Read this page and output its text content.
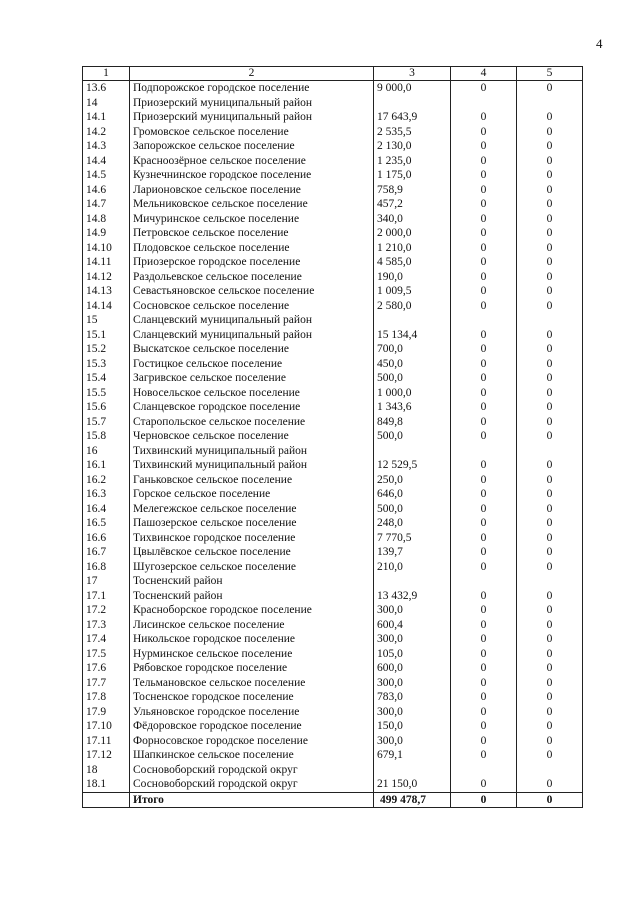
4
1	2	3	4	5
13.6	Подпорожское городское поселение	9 000,0	0	0
14	Приозерский муниципальный район			
14.1	Приозерский муниципальный район	17 643,9	0	0
14.2	Громовское сельское поселение	2 535,5	0	0
14.3	Запорожское сельское поселение	2 130,0	0	0
14.4	Красноозёрное сельское поселение	1 235,0	0	0
14.5	Кузнечнинское городское поселение	1 175,0	0	0
14.6	Ларионовское сельское поселение	758,9	0	0
14.7	Мельниковское сельское поселение	457,2	0	0
14.8	Мичуринское сельское поселение	340,0	0	0
14.9	Петровское сельское поселение	2 000,0	0	0
14.10	Плодовское сельское поселение	1 210,0	0	0
14.11	Приозерское городское поселение	4 585,0	0	0
14.12	Раздольевское сельское поселение	190,0	0	0
14.13	Севастьяновское сельское поселение	1 009,5	0	0
14.14	Сосновское сельское поселение	2 580,0	0	0
15	Сланцевский муниципальный район			
15.1	Сланцевский муниципальный район	15 134,4	0	0
15.2	Выскатское сельское поселение	700,0	0	0
15.3	Гостицкое сельское поселение	450,0	0	0
15.4	Загривское сельское поселение	500,0	0	0
15.5	Новосельское сельское поселение	1 000,0	0	0
15.6	Сланцевское городское поселение	1 343,6	0	0
15.7	Старопольское сельское поселение	849,8	0	0
15.8	Черновское сельское поселение	500,0	0	0
16	Тихвинский муниципальный район			
16.1	Тихвинский муниципальный район	12 529,5	0	0
16.2	Ганьковское сельское поселение	250,0	0	0
16.3	Горское сельское поселение	646,0	0	0
16.4	Мелегежское сельское поселение	500,0	0	0
16.5	Пашозерское сельское поселение	248,0	0	0
16.6	Тихвинское городское поселение	7 770,5	0	0
16.7	Цвылёвское сельское поселение	139,7	0	0
16.8	Шугозерское сельское поселение	210,0	0	0
17	Тосненский район			
17.1	Тосненский район	13 432,9	0	0
17.2	Красноборское городское поселение	300,0	0	0
17.3	Лисинское сельское поселение	600,4	0	0
17.4	Никольское городское поселение	300,0	0	0
17.5	Нурминское сельское поселение	105,0	0	0
17.6	Рябовское городское поселение	600,0	0	0
17.7	Тельмановское сельское поселение	300,0	0	0
17.8	Тосненское городское поселение	783,0	0	0
17.9	Ульяновское городское поселение	300,0	0	0
17.10	Фёдоровское городское поселение	150,0	0	0
17.11	Форносовское городское поселение	300,0	0	0
17.12	Шапкинское сельское поселение	679,1	0	0
18	Сосновоборский городской округ			
18.1	Сосновоборский городской округ	21 150,0	0	0
	Итого	499 478,7	0	0
